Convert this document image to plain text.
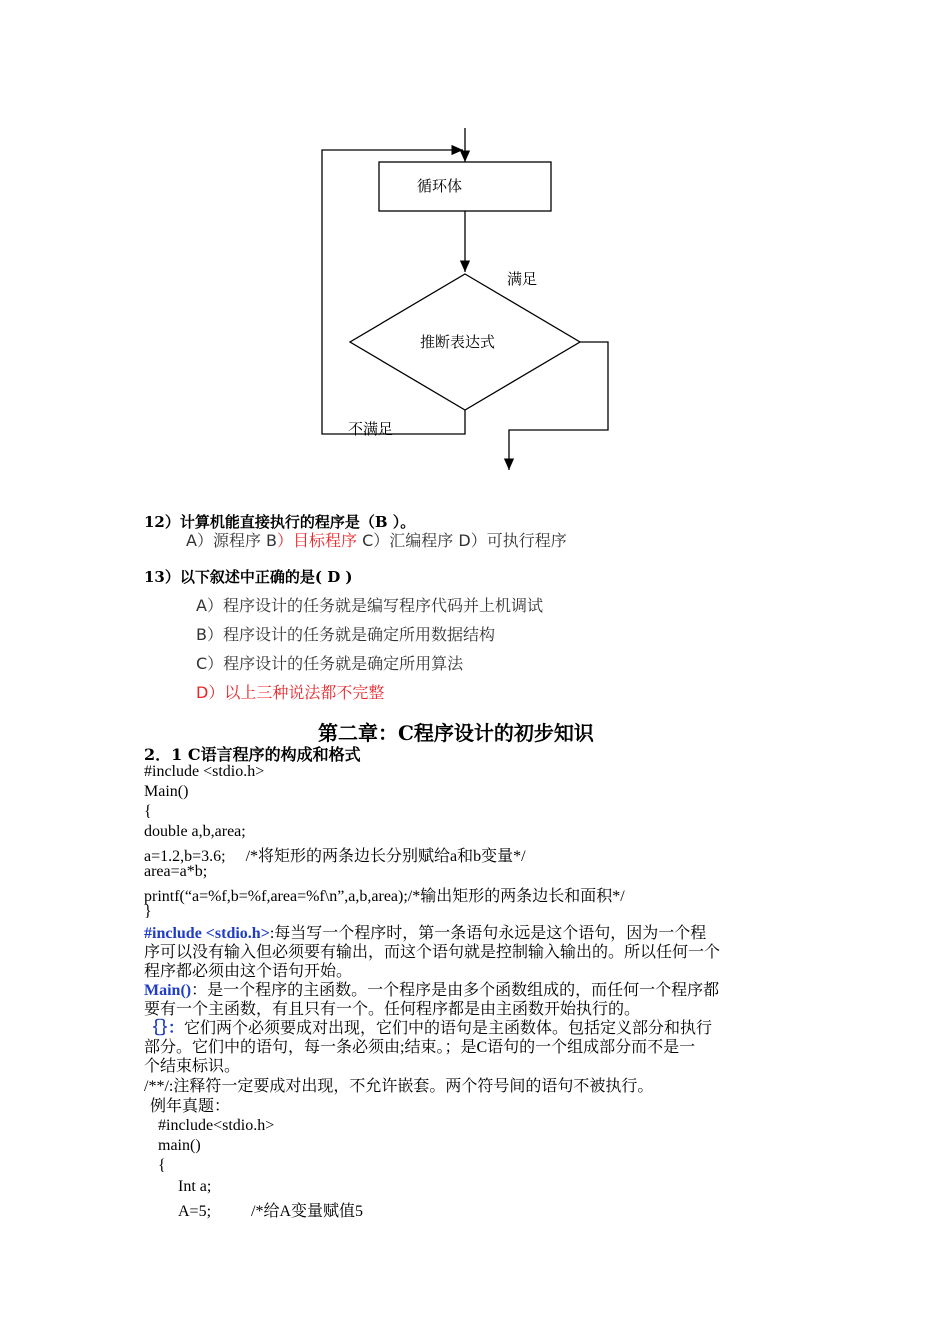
循环体
满足
推断表达式
不满足
12）计算机能直接执行的程序是（B ）。
A）源程序 B）目标程序 C）汇编程序 D）可执行程序
13）以下叙述中正确的是( D )
A）程序设计的任务就是编写程序代码并上机调试
B）程序设计的任务就是确定所用数据结构
C）程序设计的任务就是确定所用算法
D）以上三种说法都不完整
第二章：C程序设计的初步知识
2．1 C语言程序的构成和格式
#include <stdio.h>
Main()
{
double a,b,area;
a=1.2,b=3.6;     /*将矩形的两条边长分别赋给a和b变量*/
area=a*b;
printf(“a=%f,b=%f,area=%f\n”,a,b,area);/*输出矩形的两条边长和面积*/
}
#include <stdio.h>:每当写一个程序时，第一条语句永远是这个语句，因为一个程
序可以没有输入但必须要有输出，而这个语句就是控制输入输出的。所以任何一个
程序都必须由这个语句开始。
Main()：是一个程序的主函数。一个程序是由多个函数组成的，而任何一个程序都
要有一个主函数，有且只有一个。任何程序都是由主函数开始执行的。
｛｝：它们两个必须要成对出现，它们中的语句是主函数体。包括定义部分和执行
部分。它们中的语句，每一条必须由;结束。；是C语句的一个组成部分而不是一
个结束标识。
/**/:注释符一定要成对出现，不允许嵌套。两个符号间的语句不被执行。
例年真题：
#include<stdio.h>
main()
{
Int a;
A=5;          /*给A变量赋值5
